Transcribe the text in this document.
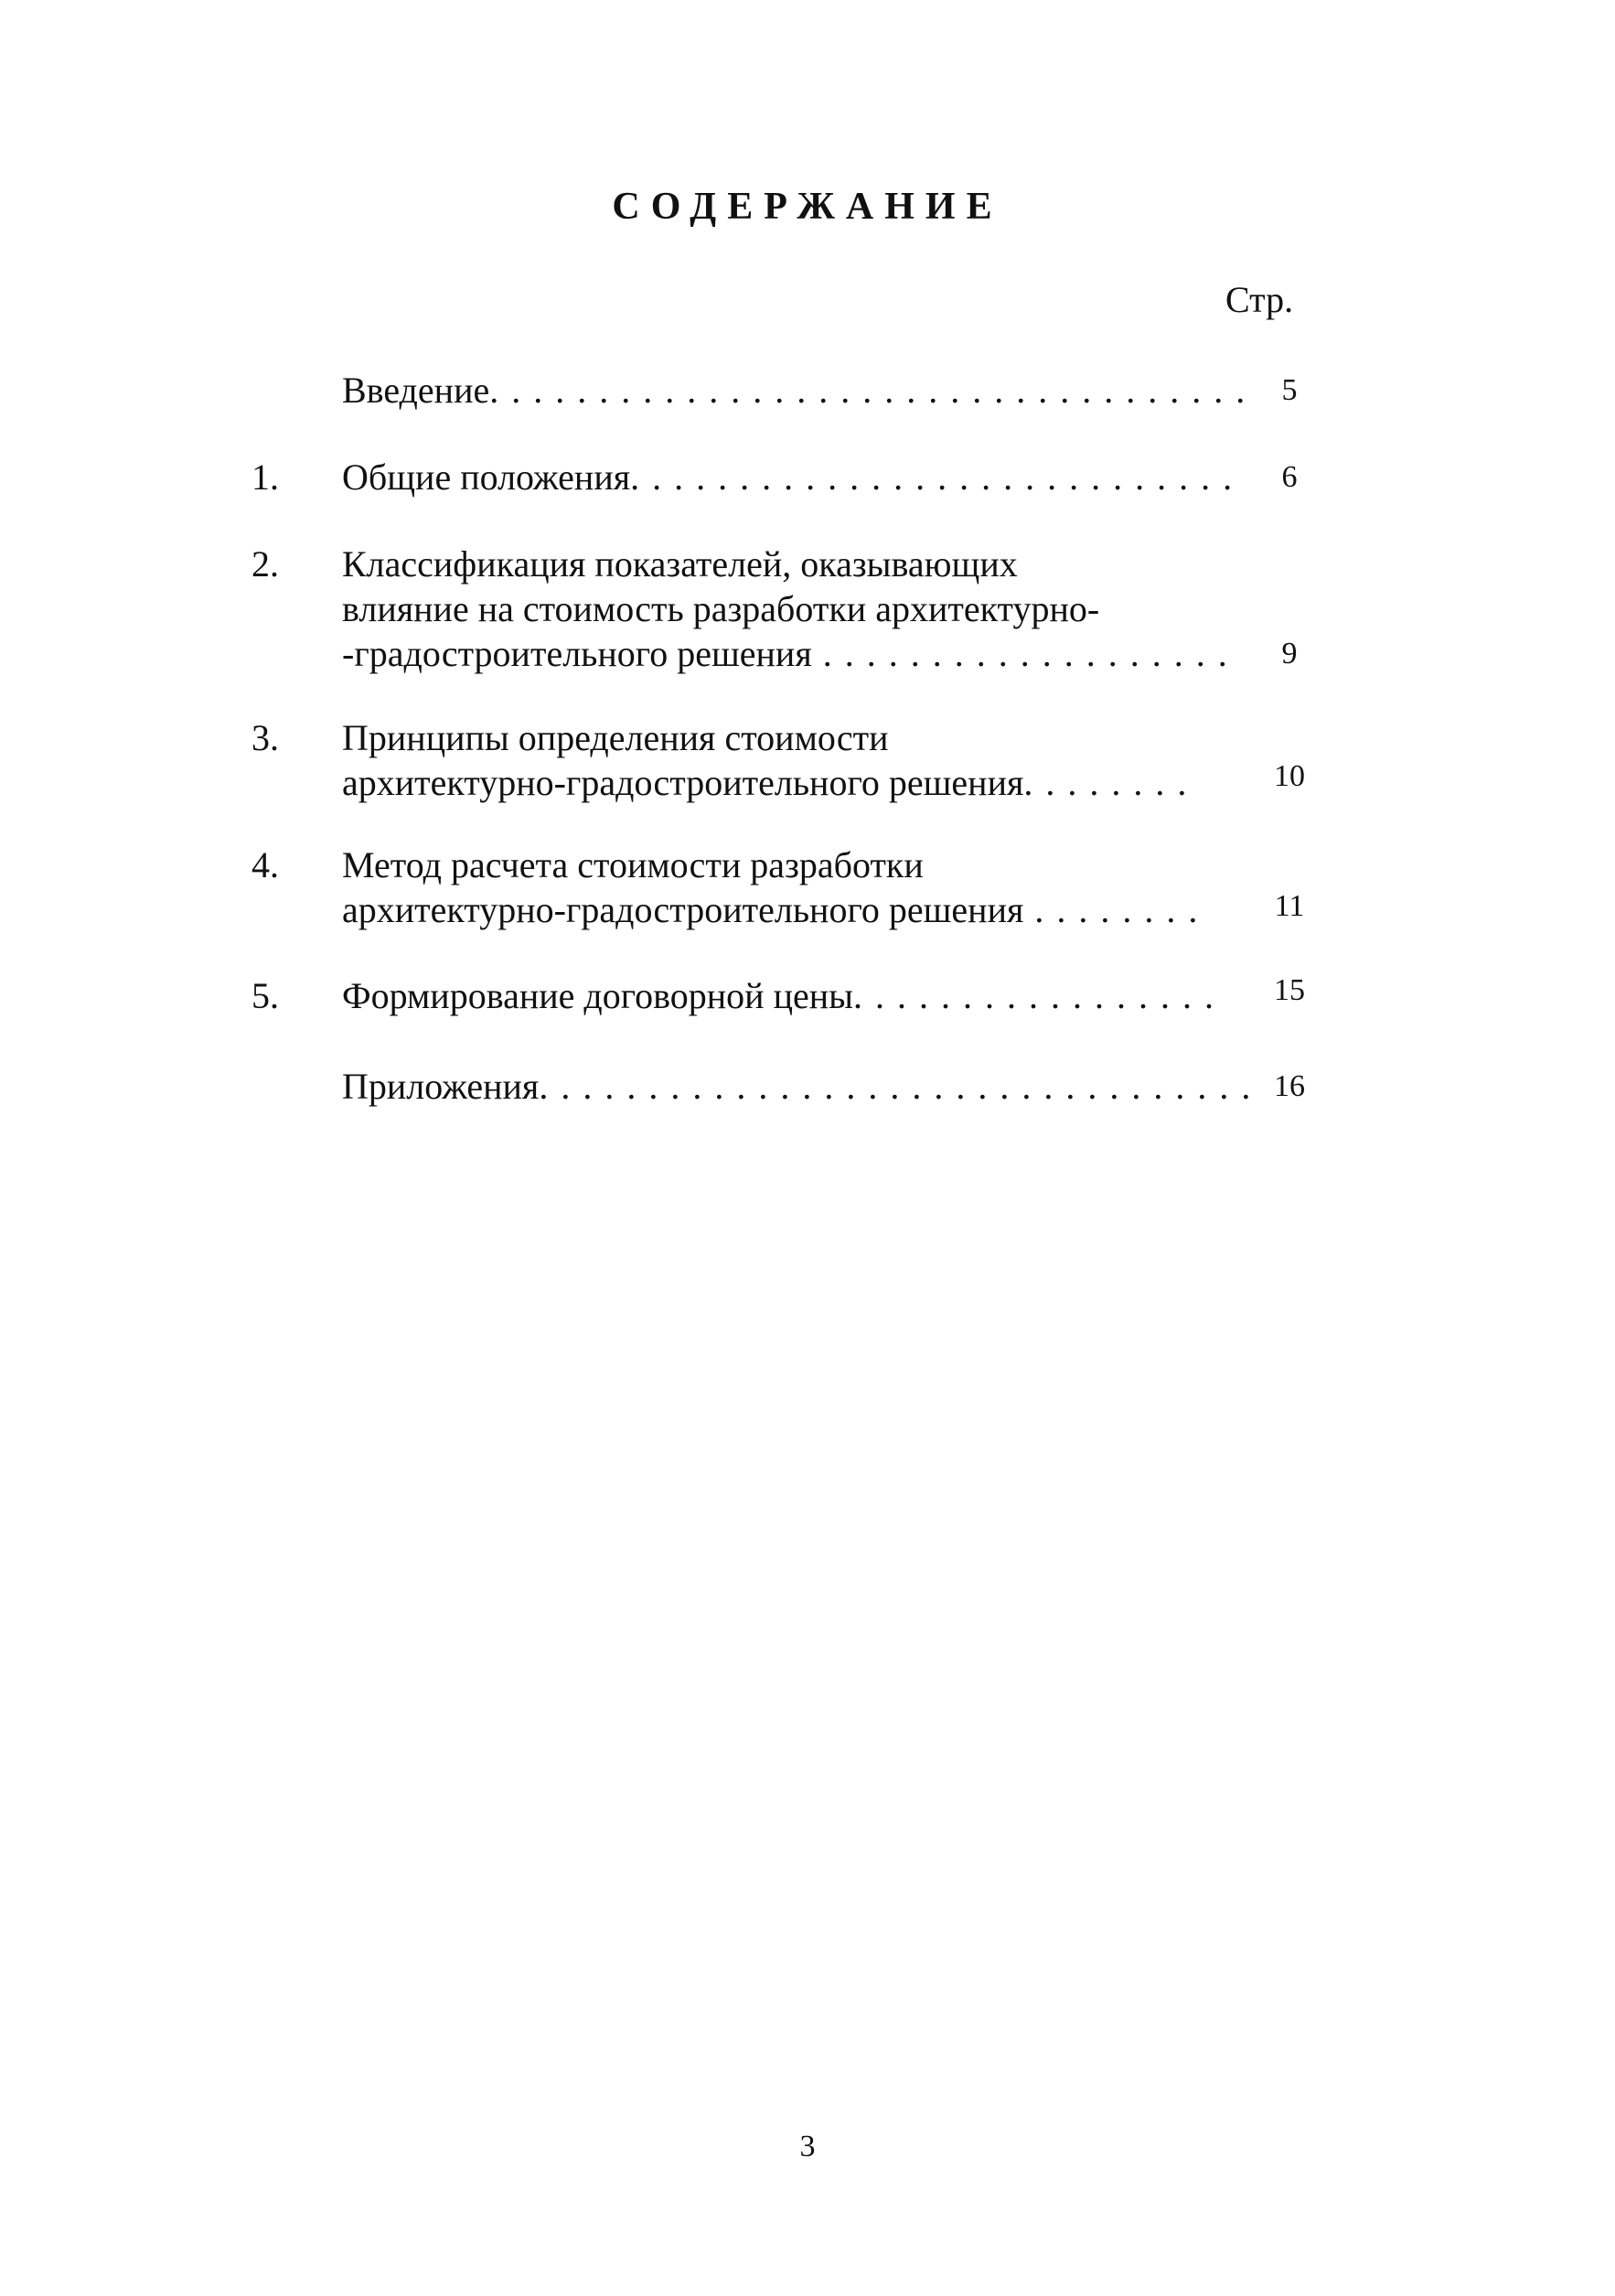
СОДЕРЖАНИЕ
Стр.
Введение. . . . . . . . . . . . . . . . . . . . . . . . . . . . . . . . . . .	5
1.	Общие положения. . . . . . . . . . . . . . . . . . . . . . . . . . . .	6
2.	Классификация показателей, оказывающих
влияние на стоимость разработки архитектурно-
-градостроительного решения . . . . . . . . . . . . . . . . . . .	9
3.	Принципы определения стоимости
архитектурно-градостроительного решения. . . . . . . .	10
4.	Метод расчета стоимости разработки
архитектурно-градостроительного решения . . . . . . . .	11
5.	Формирование договорной цены. . . . . . . . . . . . . . . . .	15
Приложения. . . . . . . . . . . . . . . . . . . . . . . . . . . . . . . . . 16
3
